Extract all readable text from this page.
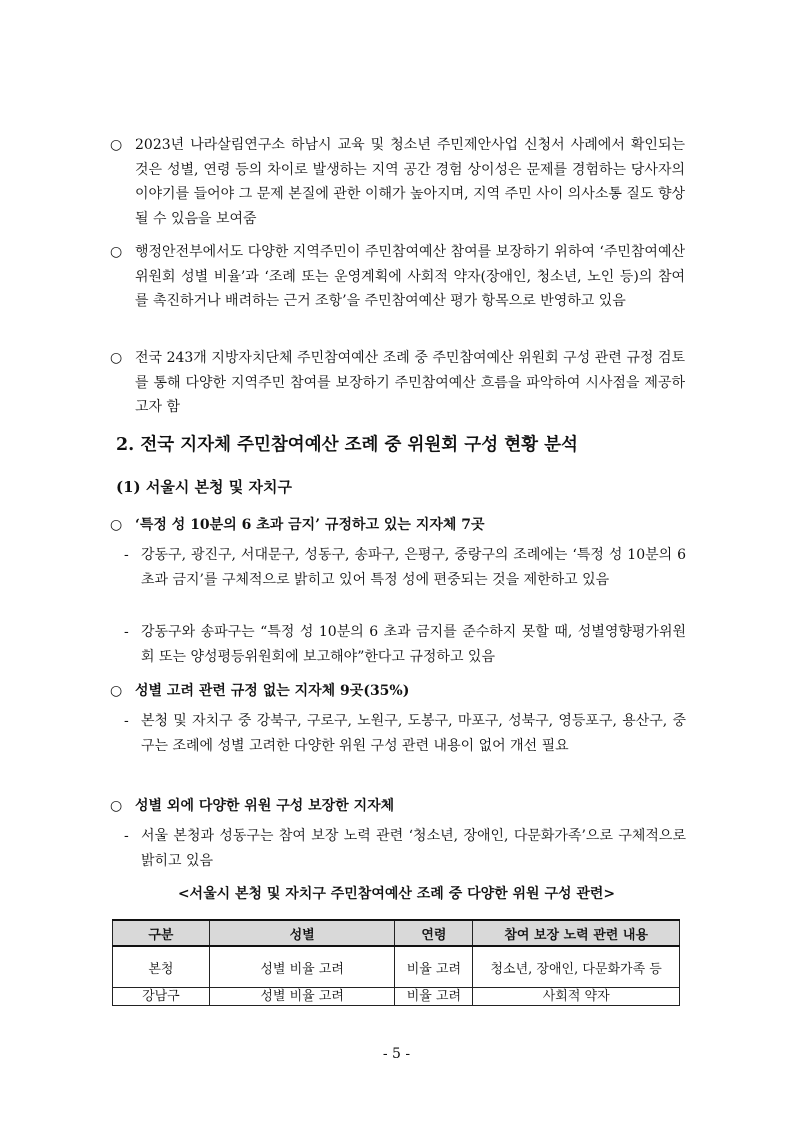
○ 2023년 나라살림연구소 하남시 교육 및 청소년 주민제안사업 신청서 사례에서 확인되는 것은 성별, 연령 등의 차이로 발생하는 지역 공간 경험 상이성은 문제를 경험하는 당사자의 이야기를 들어야 그 문제 본질에 관한 이해가 높아지며, 지역 주민 사이 의사소통 질도 향상될 수 있음을 보여줌
○ 행정안전부에서도 다양한 지역주민이 주민참여예산 참여를 보장하기 위하여 ‘주민참여예산 위원회 성별 비율’과 ‘조례 또는 운영계획에 사회적 약자(장애인, 청소년, 노인 등)의 참여를 촉진하거나 배려하는 근거 조항’을 주민참여예산 평가 항목으로 반영하고 있음
○ 전국 243개 지방자치단체 주민참여예산 조례 중 주민참여예산 위원회 구성 관련 규정 검토를 통해 다양한 지역주민 참여를 보장하기 주민참여예산 흐름을 파악하여 시사점을 제공하고자 함
2. 전국 지자체 주민참여예산 조례 중 위원회 구성 현황 분석
(1) 서울시 본청 및 자치구
○ ‘특정 성 10분의 6 초과 금지’ 규정하고 있는 지자체 7곳
- 강동구, 광진구, 서대문구, 성동구, 송파구, 은평구, 중랑구의 조례에는 ‘특정 성 10분의 6 초과 금지’를 구체적으로 밝히고 있어 특정 성에 편중되는 것을 제한하고 있음
- 강동구와 송파구는 “특정 성 10분의 6 초과 금지를 준수하지 못할 때, 성별영향평가위원회 또는 양성평등위원회에 보고해야”한다고 규정하고 있음
○ 성별 고려 관련 규정 없는 지자체 9곳(35%)
- 본청 및 자치구 중 강북구, 구로구, 노원구, 도봉구, 마포구, 성북구, 영등포구, 용산구, 중구는 조례에 성별 고려한 다양한 위원 구성 관련 내용이 없어 개선 필요
○ 성별 외에 다양한 위원 구성 보장한 지자체
- 서울 본청과 성동구는 참여 보장 노력 관련 ‘청소년, 장애인, 다문화가족’으로 구체적으로 밝히고 있음
<서울시 본청 및 자치구 주민참여예산 조례 중 다양한 위원 구성 관련>
구분	성별	연령	참여 보장 노력 관련 내용
본청	성별 비율 고려	비율 고려	청소년, 장애인, 다문화가족 등
강남구	성별 비율 고려	비율 고려	사회적 약자
- 5 -
